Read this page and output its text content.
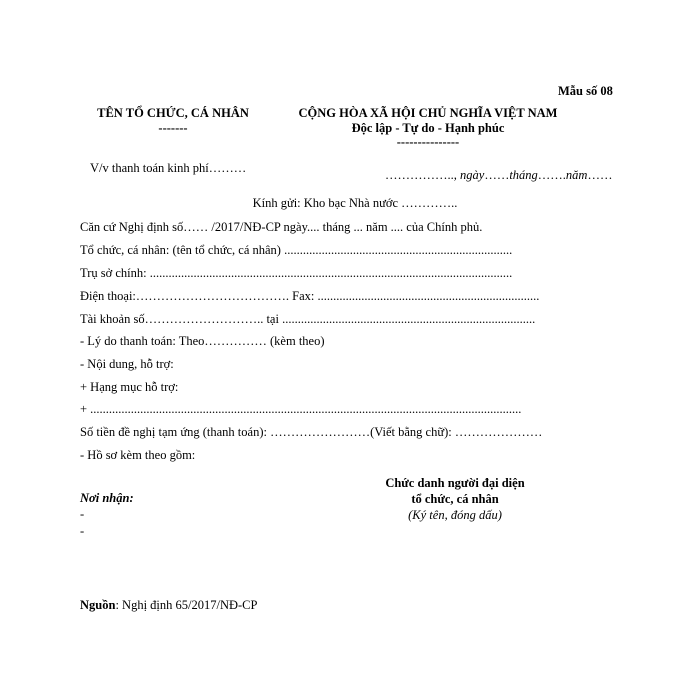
Mẫu số 08
TÊN TỔ CHỨC, CÁ NHÂN
-------
CỘNG HÒA XÃ HỘI CHỦ NGHĨA VIỆT NAM
Độc lập - Tự do - Hạnh phúc
---------------
V/v thanh toán kinh phí………	…………….., ngày……tháng…….năm……
Kính gửi: Kho bạc Nhà nước …………..
Căn cứ Nghị định số…… /2017/NĐ-CP ngày.... tháng ... năm .... của Chính phủ.
Tổ chức, cá nhân: (tên tổ chức, cá nhân) .........................................................................
Trụ sở chính: ....................................................................................................................
Điện thoại:………………………………. Fax: .......................................................................
Tài khoản số……………………….. tại .................................................................................
- Lý do thanh toán: Theo…………… (kèm theo)
- Nội dung, hỗ trợ:
+ Hạng mục hỗ trợ:
+ ..........................................................................................................................................
Số tiền đề nghị tạm ứng (thanh toán): ……………………(Viết bằng chữ): …………………
- Hồ sơ kèm theo gồm:
Nơi nhận:
-
-
Chức danh người đại diện
tổ chức, cá nhân
(Ký tên, đóng dấu)
Nguồn: Nghị định 65/2017/NĐ-CP
